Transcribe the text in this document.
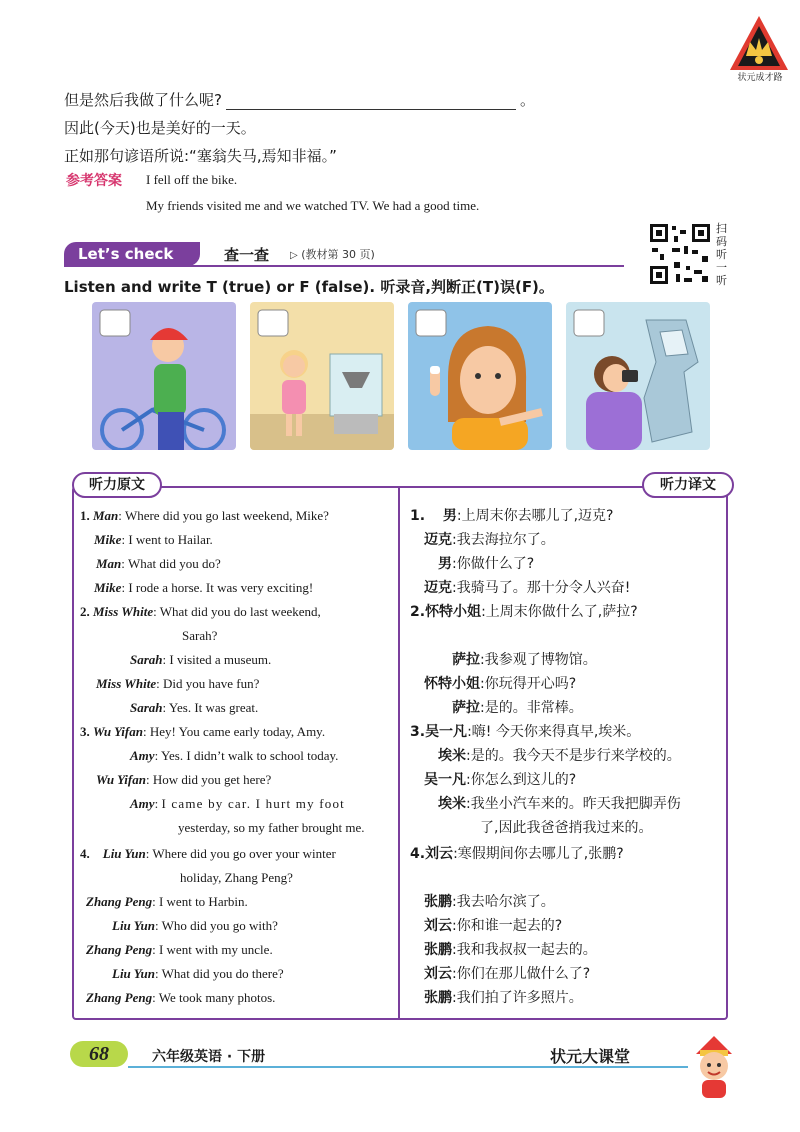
但是然后我做了什么呢?	。
因此(今天)也是美好的一天。
正如那句谚语所说:“塞翁失马,焉知非福。”
参考答案 I fell off the bike.
My friends visited me and we watched TV. We had a good time.
状元成才路
Let’s check	查一查 ▷ (教材第 30 页)
扫码听一听
Listen and write T (true) or F (false). 听录音,判断正(T)误(F)。
听力原文	听力译文
1. Man: Where did you go last weekend, Mike?
Mike: I went to Hailar.
Man: What did you do?
Mike: I rode a horse. It was very exciting!
2. Miss White: What did you do last weekend,
Sarah?
Sarah: I visited a museum.
Miss White: Did you have fun?
Sarah: Yes. It was great.
3. Wu Yifan: Hey! You came early today, Amy.
Amy: Yes. I didn’t walk to school today.
Wu Yifan: How did you get here?
Amy: I came by car. I hurt my foot
yesterday, so my father brought me.
4. Liu Yun: Where did you go over your winter
holiday, Zhang Peng?
Zhang Peng: I went to Harbin.
Liu Yun: Who did you go with?
Zhang Peng: I went with my uncle.
Liu Yun: What did you do there?
Zhang Peng: We took many photos.
1. 男:上周末你去哪儿了,迈克?
迈克:我去海拉尔了。
男:你做什么了?
迈克:我骑马了。那十分令人兴奋!
2.怀特小姐:上周末你做什么了,萨拉?
萨拉:我参观了博物馆。
怀特小姐:你玩得开心吗?
萨拉:是的。非常棒。
3.吴一凡:嗨! 今天你来得真早,埃米。
埃米:是的。我今天不是步行来学校的。
吴一凡:你怎么到这儿的?
埃米:我坐小汽车来的。昨天我把脚弄伤
了,因此我爸爸捎我过来的。
4.刘云:寒假期间你去哪儿了,张鹏?
张鹏:我去哈尔滨了。
刘云:你和谁一起去的?
张鹏:我和我叔叔一起去的。
刘云:你们在那儿做什么了?
张鹏:我们拍了许多照片。
68	六年级英语 · 下册	状元大课堂
